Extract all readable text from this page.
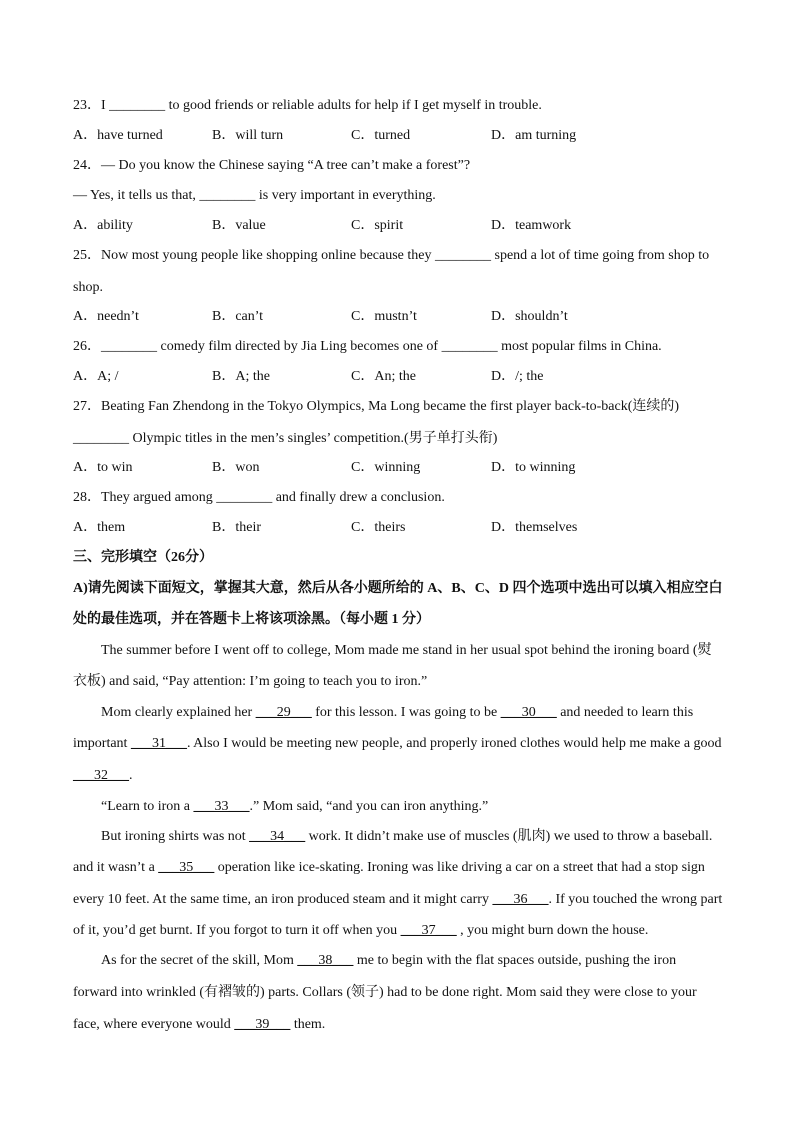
23．I ________ to good friends or reliable adults for help if I get myself in trouble.
A．have turned	B．will turn	C．turned	D．am turning
24．— Do you know the Chinese saying “A tree can’t make a forest”?
— Yes, it tells us that, ________ is very important in everything.
A．ability	B．value	C．spirit	D．teamwork
25．Now most young people like shopping online because they ________ spend a lot of time going from shop to
shop.
A．needn’t	B．can’t	C．mustn’t	D．shouldn’t
26．________ comedy film directed by Jia Ling becomes one of ________ most popular films in China.
A．A; /	B．A; the	C．An; the	D．/; the
27．Beating Fan Zhendong in the Tokyo Olympics, Ma Long became the first player back-to-back(连续的)
________ Olympic titles in the men’s singles’ competition.(男子单打头衔)
A．to win	B．won	C．winning	D．to winning
28．They argued among ________ and finally drew a conclusion.
A．them	B．their	C．theirs	D．themselves
三、完形填空（26分）
A)请先阅读下面短文，掌握其大意，然后从各小题所给的 A、B、C、D 四个选项中选出可以填入相应空白
处的最佳选项，并在答题卡上将该项涂黑。（每小题 1 分）
The summer before I went off to college, Mom made me stand in her usual spot behind the ironing board (熨
衣板) and said, “Pay attention: I’m going to teach you to iron.”
Mom clearly explained her ___29___ for this lesson. I was going to be ___30___ and needed to learn this
important ___31___. Also I would be meeting new people, and properly ironed clothes would help me make a good
___32___.
“Learn to iron a ___33___.” Mom said, “and you can iron anything.”
But ironing shirts was not ___34___ work. It didn’t make use of muscles (肌肉) we used to throw a baseball.
and it wasn’t a ___35___ operation like ice-skating. Ironing was like driving a car on a street that had a stop sign
every 10 feet. At the same time, an iron produced steam and it might carry ___36___. If you touched the wrong part
of it, you’d get burnt. If you forgot to turn it off when you ___37___ , you might burn down the house.
As for the secret of the skill, Mom ___38___ me to begin with the flat spaces outside, pushing the iron
forward into wrinkled (有褶皱的) parts. Collars (领子) had to be done right. Mom said they were close to your
face, where everyone would ___39___ them.
